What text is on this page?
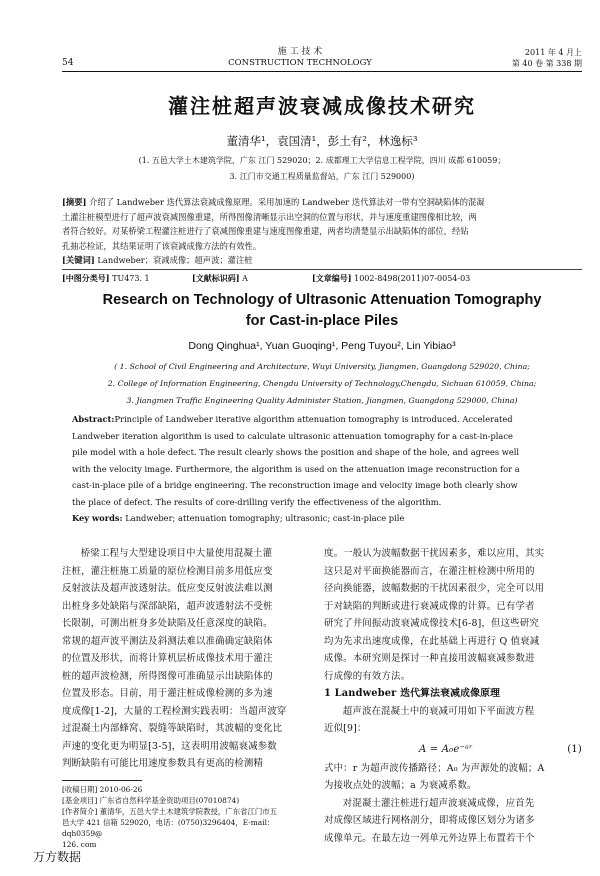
施 工 技 术
CONSTRUCTION TECHNOLOGY
54
2011 年 4 月上
第 40 卷 第 338 期
灌注桩超声波衰减成像技术研究
董清华¹，袁国清¹，彭土有²，林逸标³
(1. 五邑大学土木建筑学院，广东 江门 529020；2. 成都理工大学信息工程学院，四川 成都 610059；
3. 江门市交通工程质量监督站，广东 江门 529000)
[摘要] 介绍了 Landweber 迭代算法衰减成像原理。采用加速的 Landweber 迭代算法对一带有空洞缺陷体的混凝
土灌注桩模型进行了超声波衰减图像重建，所得图像清晰显示出空洞的位置与形状，并与速度重建图像相比较，两
者符合较好。对某桥梁工程灌注桩进行了衰减图像重建与速度图像重建，两者均清楚显示出缺陷体的部位，经钻
孔抽芯检证，其结果证明了该衰减成像方法的有效性。
[关键词] Landweber；衰减成像；超声波；灌注桩
[中图分类号] TU473. 1	[文献标识码] A	[文章编号] 1002-8498(2011)07-0054-03
Research on Technology of Ultrasonic Attenuation Tomography
for Cast-in-place Piles
Dong Qinghua¹, Yuan Guoqing¹, Peng Tuyou², Lin Yibiao³
( 1. School of Civil Engineering and Architecture, Wuyi University, Jiangmen, Guangdong 529020, China;
2. College of Information Engineering, Chengdu University of Technology,Chengdu, Sichuan 610059, China;
3. Jiangmen Traffic Engineering Quality Administer Station, Jiangmen, Guangdong 529000, China)
Abstract:Principle of Landweber iterative algorithm attenuation tomography is introduced. Accelerated
Landweber iteration algorithm is used to calculate ultrasonic attenuation tomography for a cast-in-place
pile model with a hole defect. The result clearly shows the position and shape of the hole, and agrees well
with the velocity image. Furthermore, the algorithm is used on the attenuation image reconstruction for a
cast-in-place pile of a bridge engineering. The reconstruction image and velocity image both clearly show
the place of defect. The results of core-drilling verify the effectiveness of the algorithm.
Key words: Landweber; attenuation tomography; ultrasonic; cast-in-place pile

桥梁工程与大型建设项目中大量使用混凝土灌

注桩，灌注桩施工质量的原位检测目前多用低应变

反射波法及超声波透射法。低应变反射波法难以测

出桩身多处缺陷与深部缺陷，超声波透射法不受桩

长限制，可测出桩身多处缺陷及任意深度的缺陷。

常规的超声波平测法及斜测法难以准确确定缺陷体

的位置及形状，而将计算机层析成像技术用于灌注

桩的超声波检测，所得图像可准确显示出缺陷体的

位置及形态。目前，用于灌注桩成像检测的多为速

度成像[1-2]，大量的工程检测实践表明：当超声波穿

过混凝土内部蜂窝、裂缝等缺陷时，其波幅的变化比

声速的变化更为明显[3-5]，这表明用波幅衰减参数

判断缺陷有可能比用速度参数具有更高的检测精

[收稿日期] 2010-06-26
[基金项目] 广东省自然科学基金资助项目(07010874)
[作者简介] 董清华，五邑大学土木建筑学院教授，广东省江门市五
邑大学 421 信箱 529020，电话：(0750)3296404，E-mail：dqh0359@
126. com

度。一般认为波幅数据干扰因素多，难以应用，其实

这只是对平面换能器而言，在灌注桩检测中所用的

径向换能器，波幅数据的干扰因素很少，完全可以用

于对缺陷的判断或进行衰减成像的计算。已有学者

研究了井间振动波衰减成像技术[6-8]，但这些研究

均为先求出速度成像，在此基础上再进行 Q 值衰减

成像。本研究则是探讨一种直接用波幅衰减参数进

行成像的有效方法。

1 Landweber 迭代算法衰减成像原理

超声波在混凝土中的衰减可用如下平面波方程

近似[9]：

A = A₀e⁻ᵃʳ	(1)

式中：r 为超声波传播路径；A₀ 为声源处的波幅；A

为接收点处的波幅；a 为衰减系数。

对混凝土灌注桩进行超声波衰减成像，应首先

对成像区域进行网格剖分，即将成像区划分为诸多

成像单元。在最左边一列单元外边界上布置若干个

万方数据
